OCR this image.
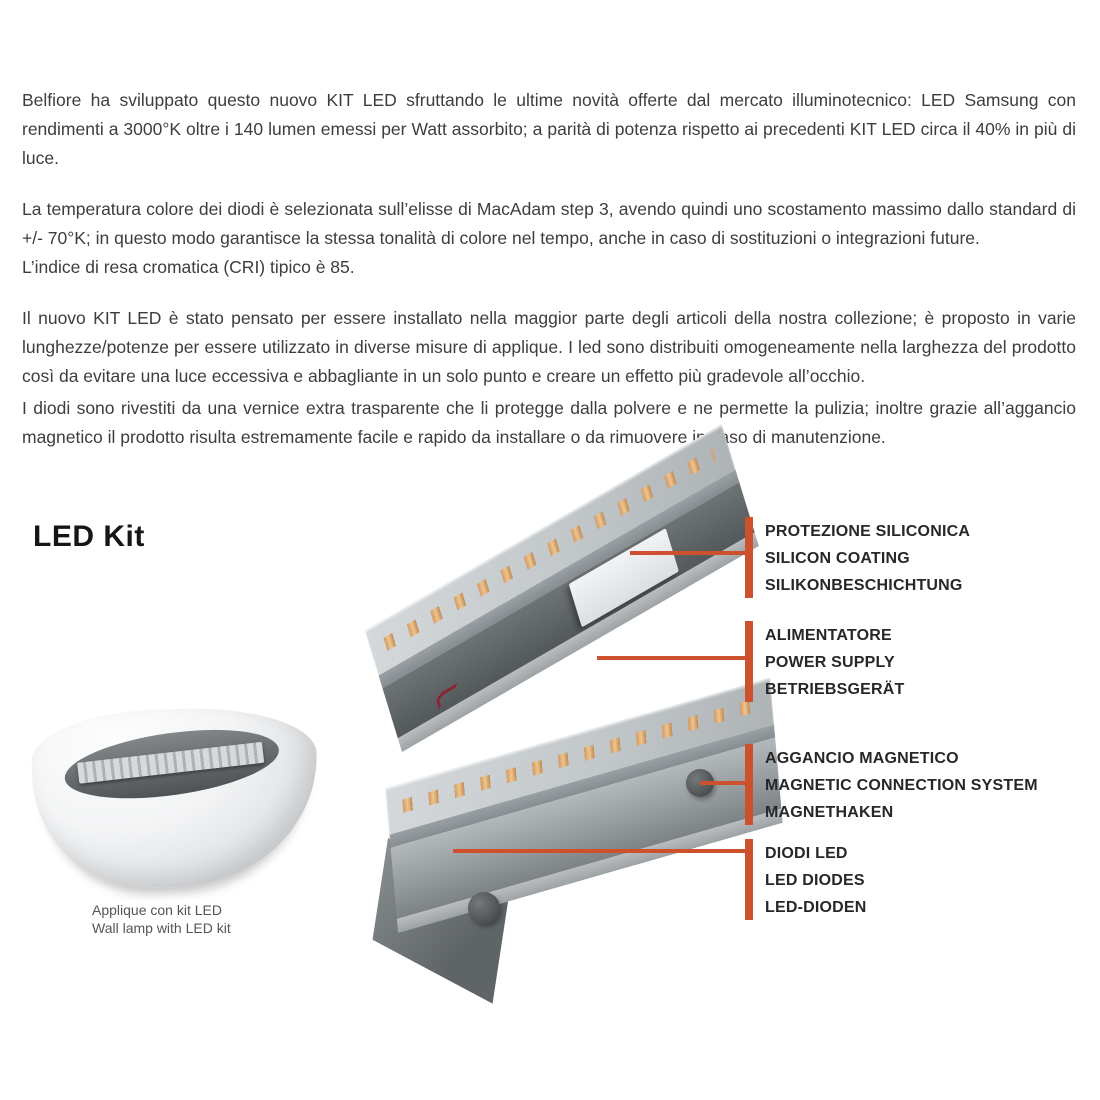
Belfiore ha sviluppato questo nuovo KIT LED sfruttando le ultime novità offerte dal mercato illuminotecnico: LED Samsung con rendimenti a 3000°K oltre i 140 lumen emessi per Watt assorbito; a parità di potenza rispetto ai precedenti KIT LED circa il 40% in più di luce.

La temperatura colore dei diodi è selezionata sull’elisse di MacAdam step 3, avendo quindi uno scostamento massimo dallo standard di +/- 70°K; in questo modo garantisce la stessa tonalità di colore nel tempo, anche in caso di sostituzioni o integrazioni future.

L’indice di resa cromatica (CRI) tipico è 85.

Il nuovo KIT LED è stato pensato per essere installato nella maggior parte degli articoli della nostra collezione; è proposto in varie lunghezze/potenze per essere utilizzato in diverse misure di applique. I led sono distribuiti omogeneamente nella larghezza del prodotto così da evitare una luce eccessiva e abbagliante in un solo punto e creare un effetto più gradevole all’occhio.

I diodi sono rivestiti da una vernice extra trasparente che li protegge dalla polvere e ne permette la pulizia; inoltre grazie all’aggancio magnetico il prodotto risulta estremamente facile e rapido da installare o da rimuovere in caso di manutenzione.

LED Kit
Applique con kit LED
Wall lamp with LED kit
PROTEZIONE SILICONICA
SILICON COATING
SILIKONBESCHICHTUNG
ALIMENTATORE
POWER SUPPLY
BETRIEBSGERÄT
AGGANCIO MAGNETICO
MAGNETIC CONNECTION SYSTEM
MAGNETHAKEN
DIODI LED
LED DIODES
LED-DIODEN
